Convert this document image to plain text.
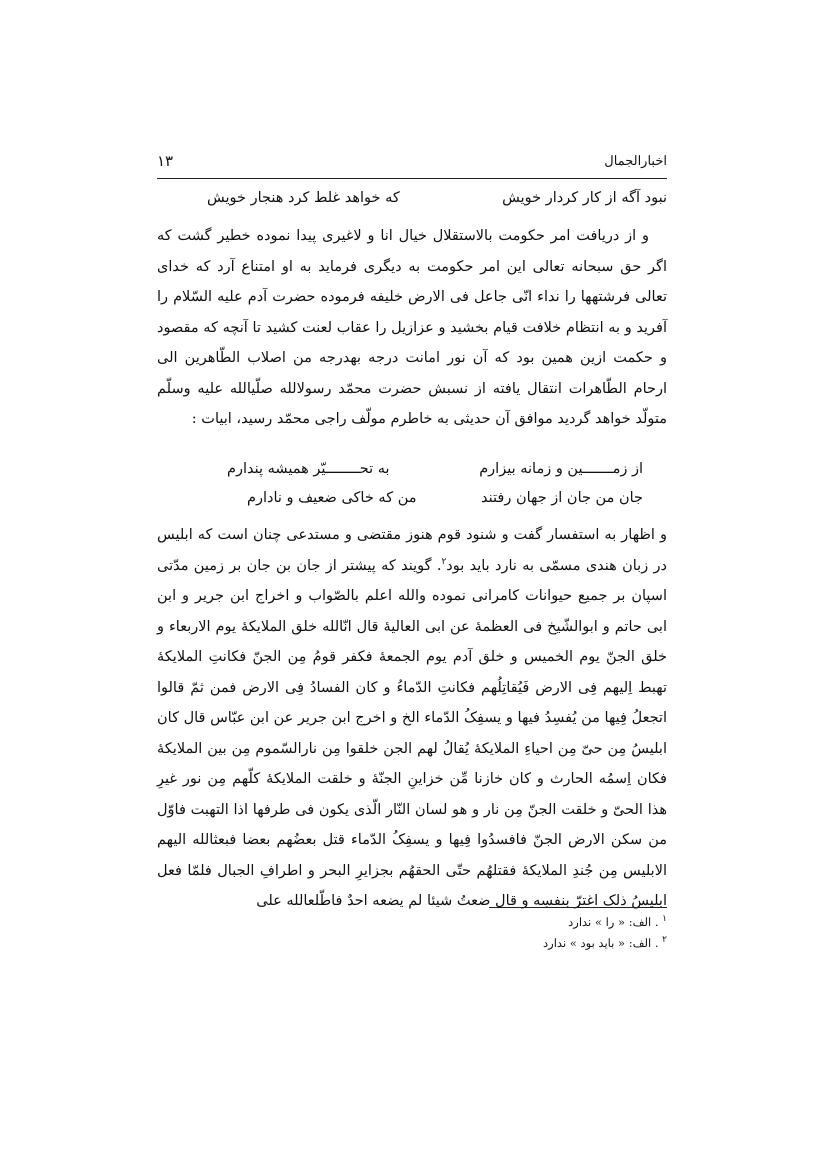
اخبارالجمال
١٣
نبود آگه از کار کردار خویش
که خواهد غلط کرد هنجار خویش

و از دریافت امر حکومت بالاستقلال خیال انا و لاغیری پیدا نموده خطیر گشت که اگر حق سبحانه تعالی این امر حکومت به دیگری فرماید به او امتناع آرد که خدای تعالی فرشتهها را نداء انّی جاعل فی الارض خلیفه فرموده حضرت آدم علیه السّلام را آفرید و به انتظام خلافت قیام بخشید و عزازیل را عقاب لعنت کشید تا آنچه که مقصود و حکمت ازین همین بود که آن نور امانت درجه بهدرجه من اصلاب الطّاهرین الی ارحام الطّاهرات انتقال یافته از نسبش حضرت محمّد رسولالله صلّیالله علیه وسلّم متولّد خواهد گردید موافق آن حدیثی به خاطرم مولّف راجی محمّد رسید، ابیات :

از زمـــــــین و زمانه بیزارم
به تحــــــــیّر همیشه پندارم
جان من جان از جهان رفتند
من که خاکی ضعیف و نادارم

و اظهار به استفسار گفت و شنود قوم هنوز مقتضی و مستدعی چنان است که ابلیس در زبان هندی مسمّی به نارد باید بود$^٢$. گویند که پیشتر از جان بن جان بر زمین مدّتی اسپان بر جمیع حیوانات کامرانی نموده والله اعلم بالصّواب و اخراج ابن جریر و ابن ابی حاتم و ابوالشّیخ فی العظمهٔ عن ابی العالیهٔ قال انّالله خلق الملایکهٔ یوم الاربعاء و خلق الجنّ یوم الخمیس و خلق آدم یوم الجمعهٔ فکفر قومُ مِن الجنّ فکانتِ الملایکهٔ تهبط اِلیهم فِی الارض فَیُقاتِلُهم فکانتِ الدّماءُ و کان الفسادُ فِی الارض فمن ثمّ قالوا اتجعلُ فِیها من یُفسِدُ فیها و یسفِکُ الدّماء الخ و اخرج ابن جریر عن ابن عبّاس قال کان ابلیسُ مِن حیّ مِن احیاءِ الملایکهٔ یُقالُ لهم الجن خلقوا مِن نارالسّموم مِن بین الملایکهٔ فکان اِسمُه الحارث و کان خازنا مِّن خزاینِ الجنّهٔ و خلقت الملایکهٔ کلّهم مِن نور غیرِ هذا الحیّ و خلقت الجنّ مِن نار و هو لسان النّار الّذی یکون فی طرفها اذا التهبت فاوّل من سکن الارض الجنّ فافسدُوا فِیها و یسفِکُ الدّماء قتل بعضُهم بعضا فبعثالله الیهم الابلیس مِن جُندِ الملایکهٔ فقتلهُم حتّی الحقهُم بجزایرِ البحر و اطرافِ الجبال فلمّا فعل ابلیسُ ذلک اغترّ بنفسِه و قال ضعتُ شیئا لم یضعه احدٌ فاطّلعالله علی

$^١$ . الف: « را » ندارد
$^٢$ . الف: « باید بود » ندارد
